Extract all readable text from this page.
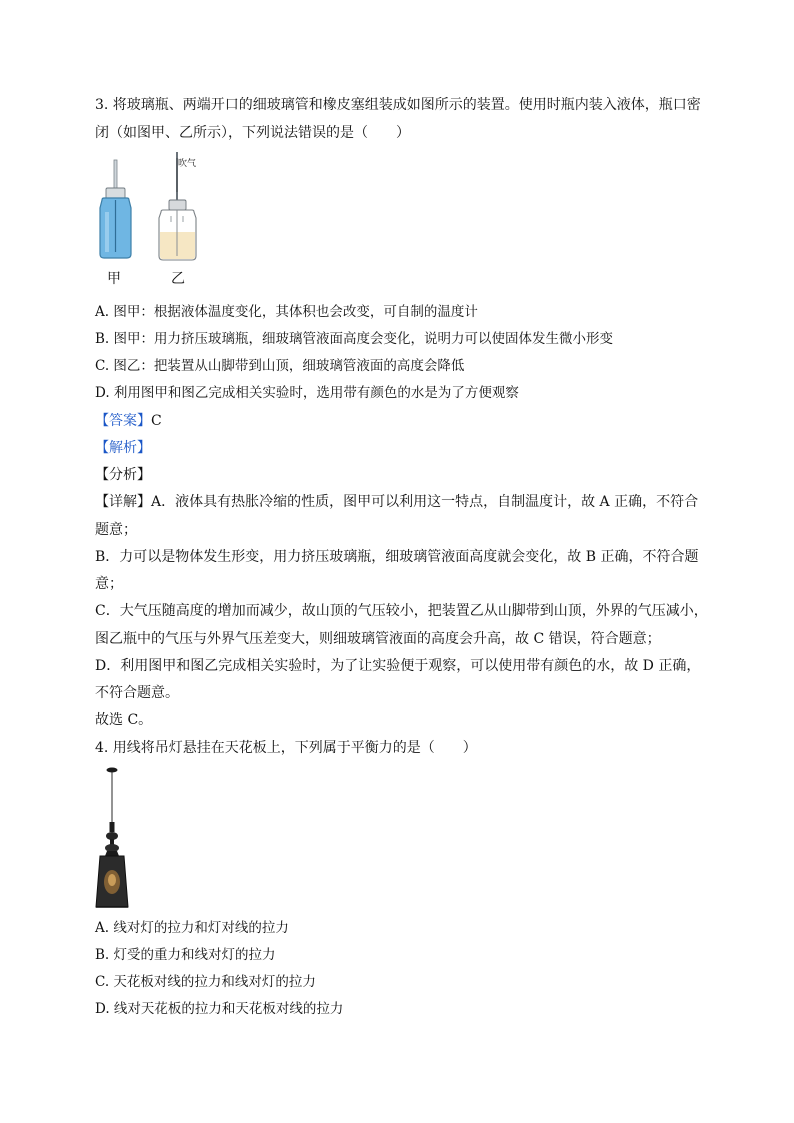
3. 将玻璃瓶、两端开口的细玻璃管和橡皮塞组装成如图所示的装置。使用时瓶内装入液体，瓶口密
闭（如图甲、乙所示），下列说法错误的是（　　）
吹气
甲	乙
A. 图甲：根据液体温度变化，其体积也会改变，可自制的温度计
B. 图甲：用力挤压玻璃瓶，细玻璃管液面高度会变化，说明力可以使固体发生微小形变
C. 图乙：把装置从山脚带到山顶，细玻璃管液面的高度会降低
D. 利用图甲和图乙完成相关实验时，选用带有颜色的水是为了方便观察
【答案】C
【解析】
【分析】
【详解】A．液体具有热胀冷缩的性质，图甲可以利用这一特点，自制温度计，故 A 正确，不符合
题意；
B．力可以是物体发生形变，用力挤压玻璃瓶，细玻璃管液面高度就会变化，故 B 正确，不符合题
意；
C．大气压随高度的增加而减少，故山顶的气压较小，把装置乙从山脚带到山顶，外界的气压减小，
图乙瓶中的气压与外界气压差变大，则细玻璃管液面的高度会升高，故 C 错误，符合题意；
D．利用图甲和图乙完成相关实验时，为了让实验便于观察，可以使用带有颜色的水，故 D 正确，
不符合题意。
故选 C。
4. 用线将吊灯悬挂在天花板上，下列属于平衡力的是（　　）
A. 线对灯的拉力和灯对线的拉力
B. 灯受的重力和线对灯的拉力
C. 天花板对线的拉力和线对灯的拉力
D. 线对天花板的拉力和天花板对线的拉力
